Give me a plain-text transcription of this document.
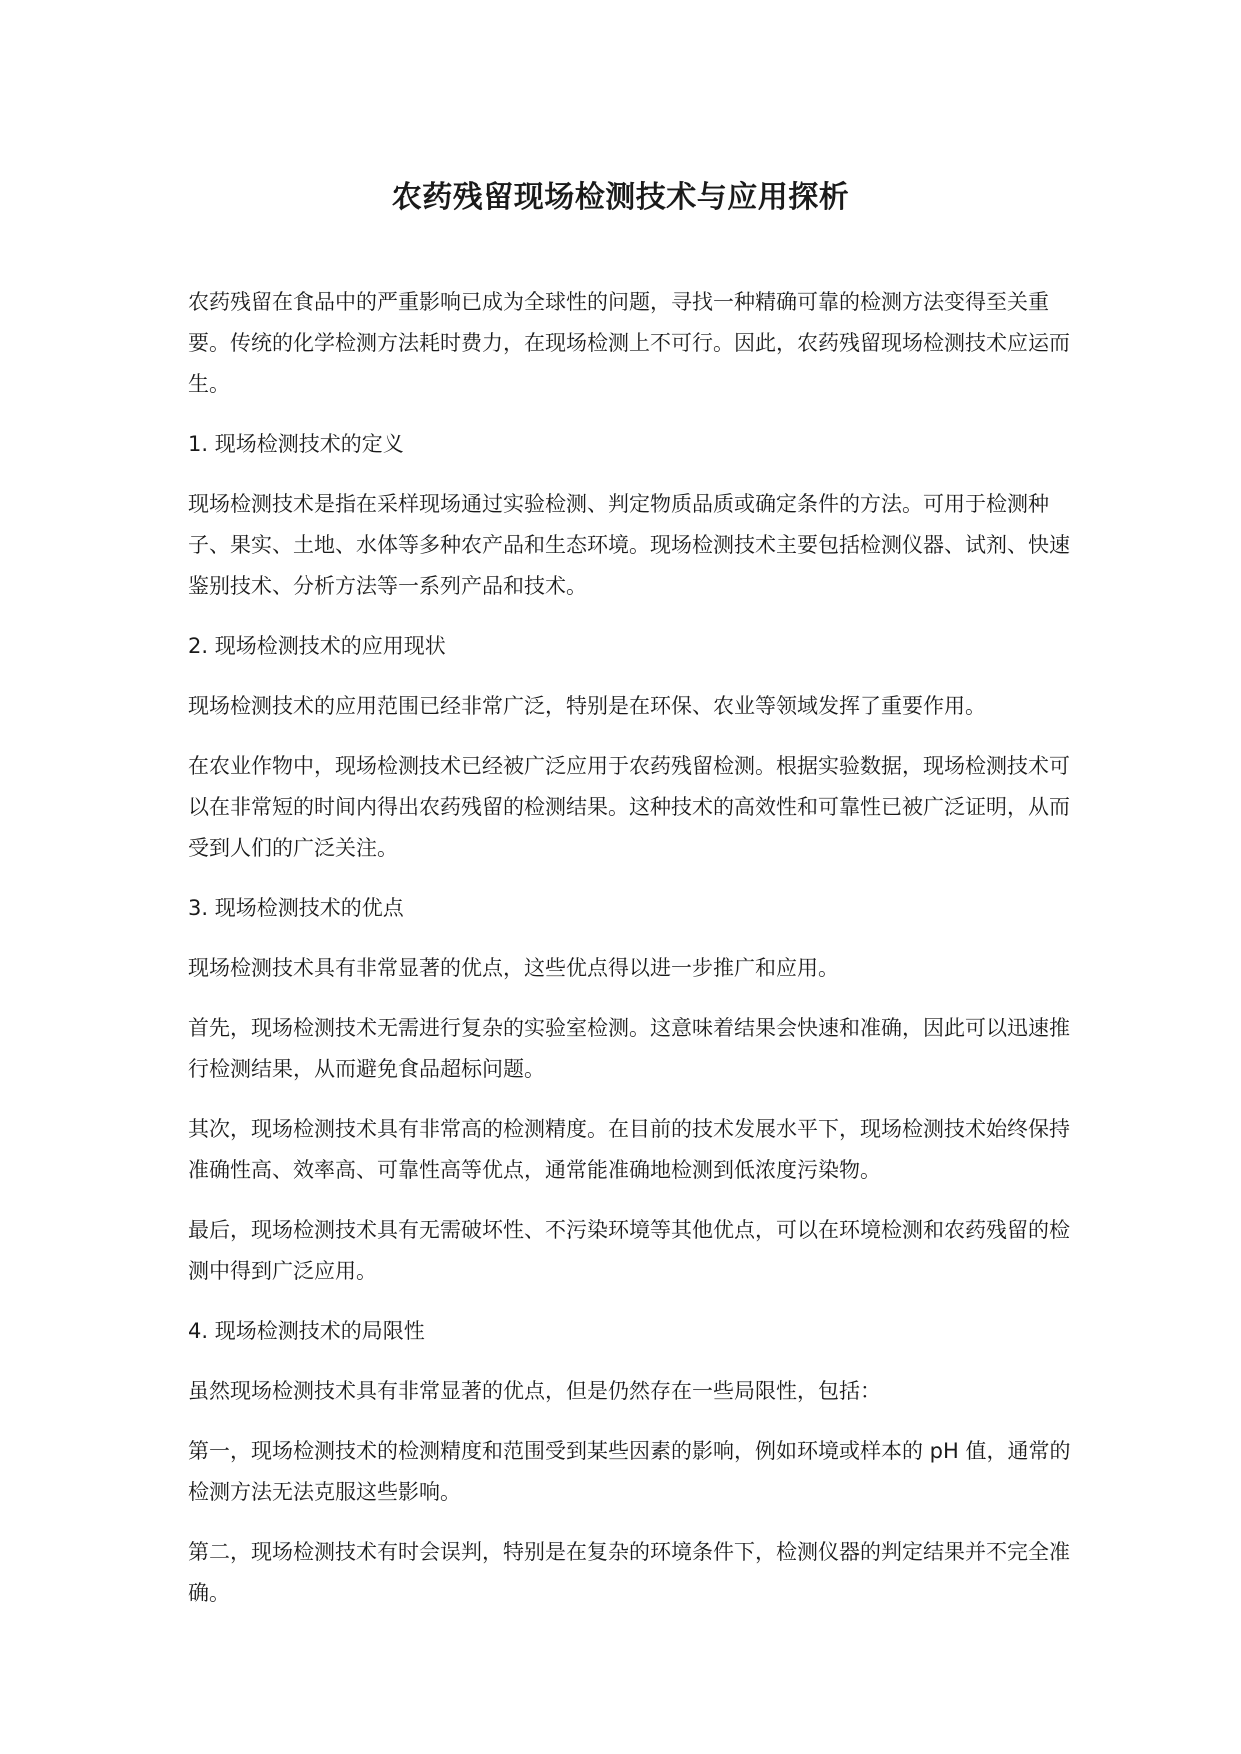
农药残留现场检测技术与应用探析

农药残留在食品中的严重影响已成为全球性的问题，寻找一种精确可靠的检测方法变得至关重要。传统的化学检测方法耗时费力，在现场检测上不可行。因此，农药残留现场检测技术应运而生。

1. 现场检测技术的定义

现场检测技术是指在采样现场通过实验检测、判定物质品质或确定条件的方法。可用于检测种子、果实、土地、水体等多种农产品和生态环境。现场检测技术主要包括检测仪器、试剂、快速鉴别技术、分析方法等一系列产品和技术。

2. 现场检测技术的应用现状

现场检测技术的应用范围已经非常广泛，特别是在环保、农业等领域发挥了重要作用。

在农业作物中，现场检测技术已经被广泛应用于农药残留检测。根据实验数据，现场检测技术可以在非常短的时间内得出农药残留的检测结果。这种技术的高效性和可靠性已被广泛证明，从而受到人们的广泛关注。

3. 现场检测技术的优点

现场检测技术具有非常显著的优点，这些优点得以进一步推广和应用。

首先，现场检测技术无需进行复杂的实验室检测。这意味着结果会快速和准确，因此可以迅速推行检测结果，从而避免食品超标问题。

其次，现场检测技术具有非常高的检测精度。在目前的技术发展水平下，现场检测技术始终保持准确性高、效率高、可靠性高等优点，通常能准确地检测到低浓度污染物。

最后，现场检测技术具有无需破坏性、不污染环境等其他优点，可以在环境检测和农药残留的检测中得到广泛应用。

4. 现场检测技术的局限性

虽然现场检测技术具有非常显著的优点，但是仍然存在一些局限性，包括：

第一，现场检测技术的检测精度和范围受到某些因素的影响，例如环境或样本的 pH 值，通常的检测方法无法克服这些影响。

第二，现场检测技术有时会误判，特别是在复杂的环境条件下，检测仪器的判定结果并不完全准确。
